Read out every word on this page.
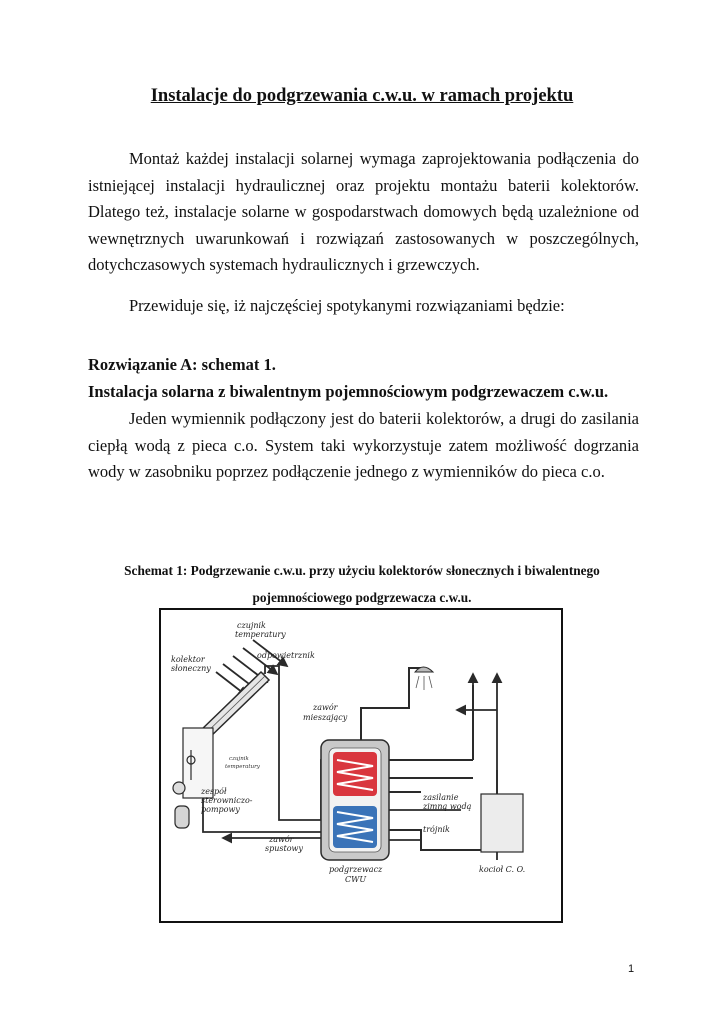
Instalacje do podgrzewania c.w.u. w ramach projektu

Montaż każdej instalacji solarnej wymaga zaprojektowania podłączenia do istniejącej instalacji hydraulicznej oraz projektu montażu baterii kolektorów. Dlatego też, instalacje solarne w gospodarstwach domowych będą uzależnione od wewnętrznych uwarunkowań i rozwiązań zastosowanych w poszczególnych, dotychczasowych systemach hydraulicznych i grzewczych.

Przewiduje się, iż najczęściej spotykanymi rozwiązaniami będzie:

Rozwiązanie A: schemat 1.

Instalacja solarna z biwalentnym pojemnościowym podgrzewaczem c.w.u.

Jeden wymiennik podłączony jest do baterii kolektorów, a drugi do zasilania ciepłą wodą z pieca c.o. System taki wykorzystuje zatem możliwość dogrzania wody w zasobniku poprzez podłączenie jednego z wymienników do pieca c.o.

Schemat 1: Podgrzewanie c.w.u. przy użyciu kolektorów słonecznych i biwalentnego
pojemnościowego podgrzewacza c.w.u.
kolektor
słoneczny
czujnik
temperatury
odpowietrznik
zawór
mieszający
czujnik
temperatury
zespół
sterowniczo-
pompowy
zasilanie
zimną wodą
trójnik
zawór
spustowy
podgrzewacz
CWU
kocioł C. O.
1
